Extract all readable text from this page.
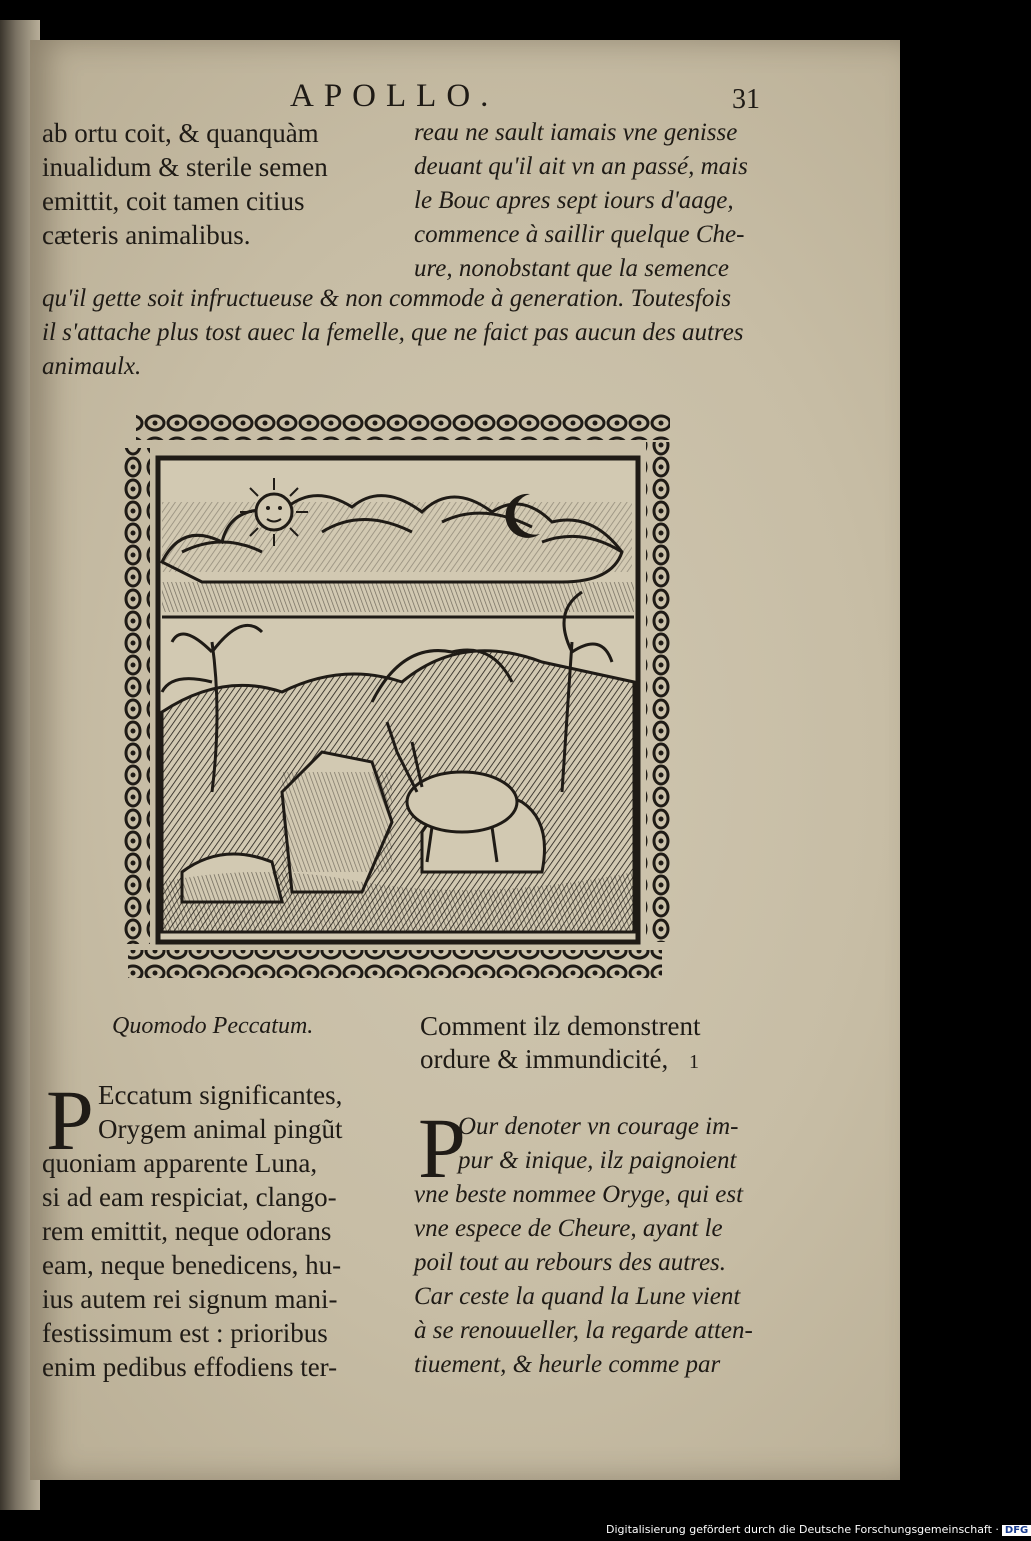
APOLLO.	31
ab ortu coit, & quanquàm
inualidum & sterile semen
emittit, coit tamen citius
cæteris animalibus.
reau ne sault iamais vne genisse
deuant qu'il ait vn an passé, mais
le Bouc apres sept iours d'aage,
commence à saillir quelque Che-
ure, nonobstant que la semence
qu'il gette soit infructueuse & non commode à generation. Toutesfois
il s'attache plus tost auec la femelle, que ne faict pas aucun des autres
animaulx.
Quomodo Peccatum.	Comment ilz demonstrent
ordure & immundicité, 1
P Eccatum significantes,
Orygem animal pingũt
quoniam apparente Luna,
si ad eam respiciat, clango-
rem emittit, neque odorans
eam, neque benedicens, hu-
ius autem rei signum mani-
festissimum est : prioribus
enim pedibus effodiens ter-
P
Our denoter vn courage im-
pur & inique, ilz paignoient
vne beste nommee Oryge, qui est
vne espece de Cheure, ayant le
poil tout au rebours des autres.
Car ceste la quand la Lune vient
à se renouueller, la regarde atten-
tiuement, & heurle comme par
Digitalisierung gefördert durch die Deutsche Forschungsgemeinschaft · DFG
